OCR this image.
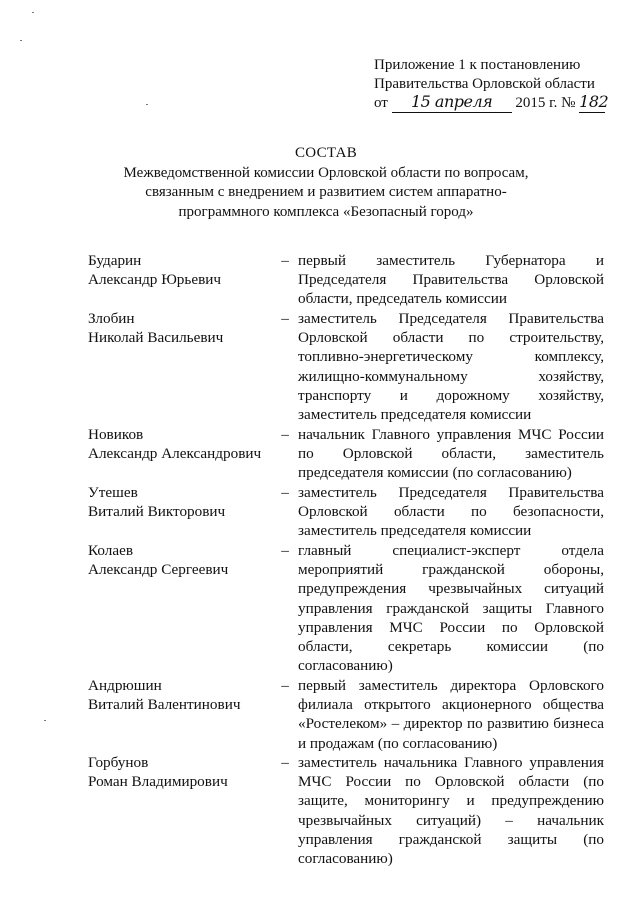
Приложение 1 к постановлению
Правительства Орловской области
от 15 апреля 2015 г. № 182
СОСТАВ
Межведомственной комиссии Орловской области по вопросам, связанным с внедрением и развитием систем аппаратно-программного комплекса «Безопасный город»
Бударин
Александр Юрьевич
– первый заместитель Губернатора и Председателя Правительства Орловской области, председатель комиссии
Злобин
Николай Васильевич
– заместитель Председателя Правительства Орловской области по строительству, топливно-энергетическому комплексу, жилищно-коммунальному хозяйству, транспорту и дорожному хозяйству, заместитель председателя комиссии
Новиков
Александр Александрович
– начальник Главного управления МЧС России по Орловской области, заместитель председателя комиссии (по согласованию)
Утешев
Виталий Викторович
– заместитель Председателя Правительства Орловской области по безопасности, заместитель председателя комиссии
Колаев
Александр Сергеевич
– главный специалист-эксперт отдела мероприятий гражданской обороны, предупреждения чрезвычайных ситуаций управления гражданской защиты Главного управления МЧС России по Орловской области, секретарь комиссии (по согласованию)
Андрюшин
Виталий Валентинович
– первый заместитель директора Орловского филиала открытого акционерного общества «Ростелеком» – директор по развитию бизнеса и продажам (по согласованию)
Горбунов
Роман Владимирович
– заместитель начальника Главного управления МЧС России по Орловской области (по защите, мониторингу и предупреждению чрезвычайных ситуаций) – начальник управления гражданской защиты (по согласованию)
